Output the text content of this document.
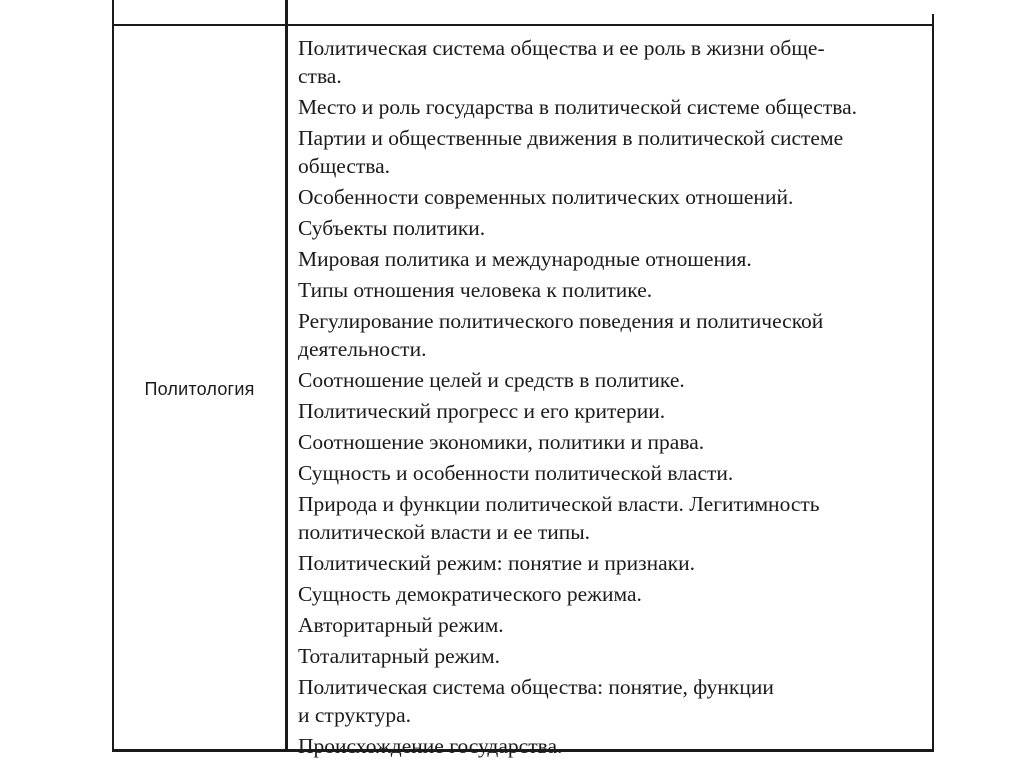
Политология
Политическая система общества и ее роль в жизни обще-
ства.
Место и роль государства в политической системе общества.
Партии и общественные движения в политической системе
общества.
Особенности современных политических отношений.
Субъекты политики.
Мировая политика и международные отношения.
Типы отношения человека к политике.
Регулирование политического поведения и политической
деятельности.
Соотношение целей и средств в политике.
Политический прогресс и его критерии.
Соотношение экономики, политики и права.
Сущность и особенности политической власти.
Природа и функции политической власти. Легитимность
политической власти и ее типы.
Политический режим: понятие и признаки.
Сущность демократического режима.
Авторитарный режим.
Тоталитарный режим.
Политическая система общества: понятие, функции
и структура.
Происхождение государства.
